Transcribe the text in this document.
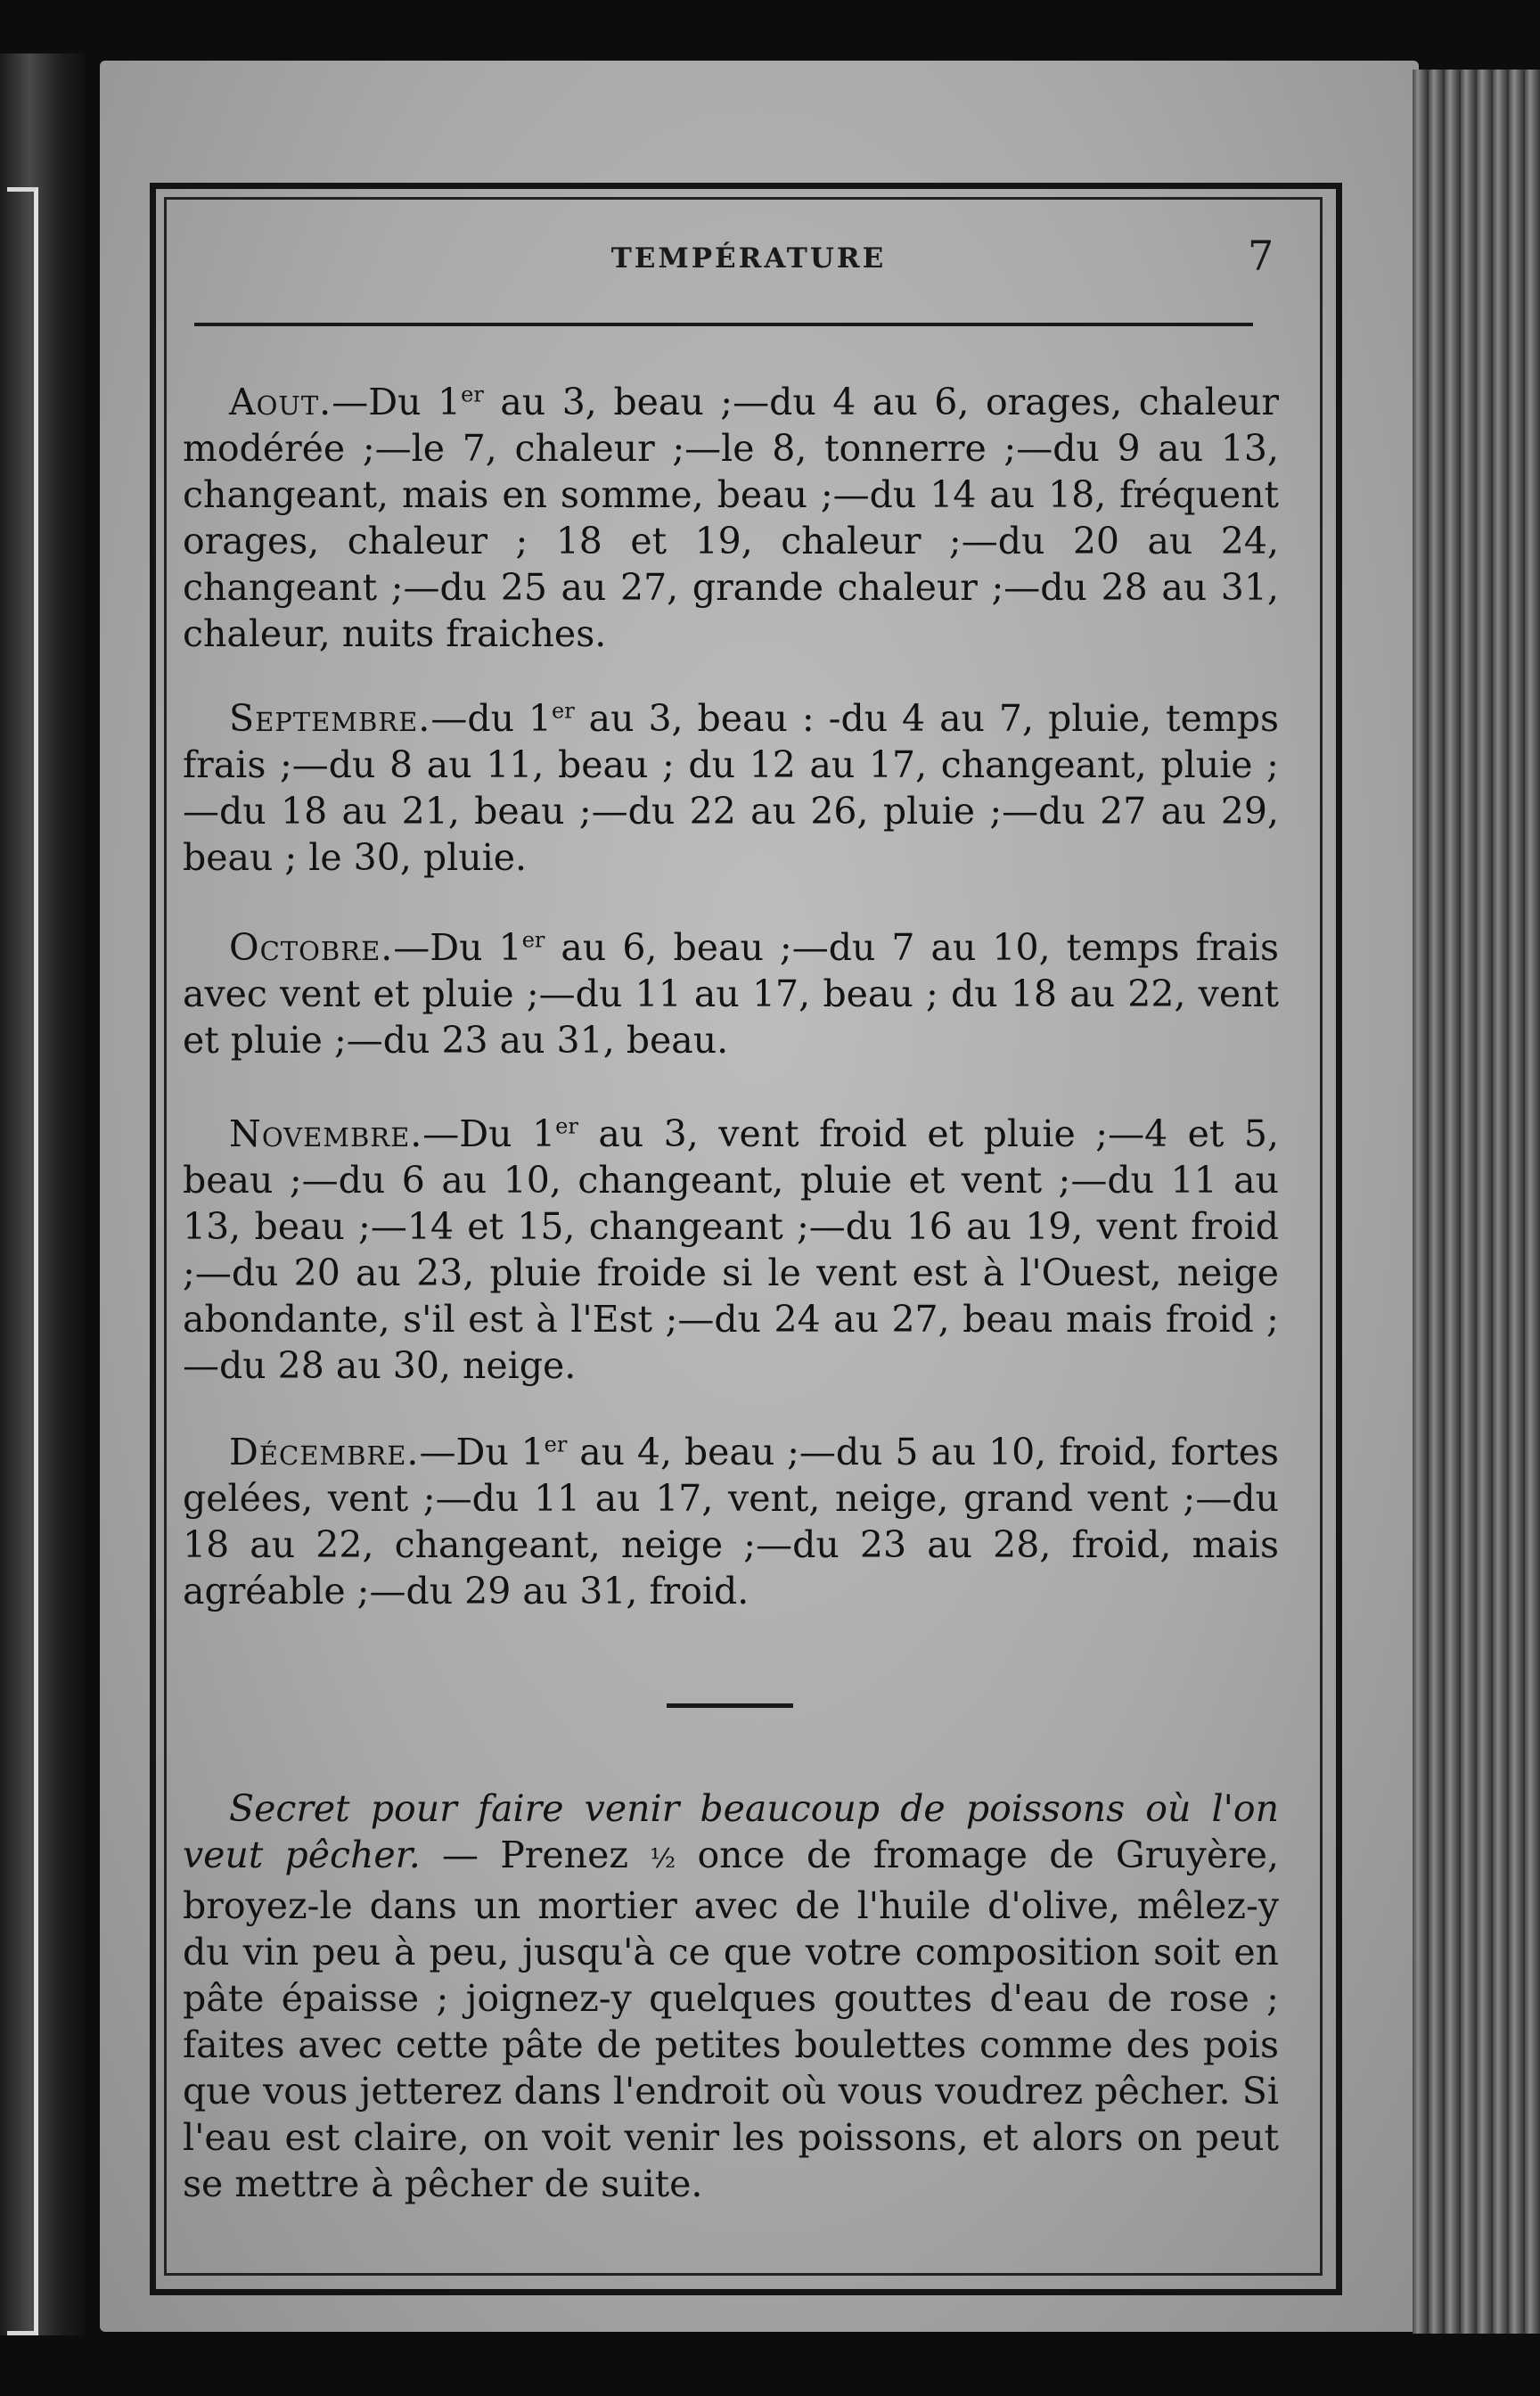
TEMPÉRATURE	7

Aout.—Du 1er au 3, beau ;—du 4 au 6, orages, chaleur modérée ;—le 7, chaleur ;—le 8, tonnerre ;—du 9 au 13, changeant, mais en somme, beau ;—du 14 au 18, fréquent orages, chaleur ; 18 et 19, chaleur ;—du 20 au 24, changeant ;—du 25 au 27, grande chaleur ;—du 28 au 31, chaleur, nuits fraiches.

Septembre.—du 1er au 3, beau : -du 4 au 7, pluie, temps frais ;—du 8 au 11, beau ; du 12 au 17, changeant, pluie ;—du 18 au 21, beau ;—du 22 au 26, pluie ;—du 27 au 29, beau ; le 30, pluie.

Octobre.—Du 1er au 6, beau ;—du 7 au 10, temps frais avec vent et pluie ;—du 11 au 17, beau ; du 18 au 22, vent et pluie ;—du 23 au 31, beau.

Novembre.—Du 1er au 3, vent froid et pluie ;—4 et 5, beau ;—du 6 au 10, changeant, pluie et vent ;—du 11 au 13, beau ;—14 et 15, changeant ;—du 16 au 19, vent froid ;—du 20 au 23, pluie froide si le vent est à l'Ouest, neige abondante, s'il est à l'Est ;—du 24 au 27, beau mais froid ;—du 28 au 30, neige.

Décembre.—Du 1er au 4, beau ;—du 5 au 10, froid, fortes gelées, vent ;—du 11 au 17, vent, neige, grand vent ;—du 18 au 22, changeant, neige ;—du 23 au 28, froid, mais agréable ;—du 29 au 31, froid.

Secret pour faire venir beaucoup de poissons où l'on veut pêcher. — Prenez ½ once de fromage de Gruyère, broyez-le dans un mortier avec de l'huile d'olive, mêlez-y du vin peu à peu, jusqu'à ce que votre composition soit en pâte épaisse ; joignez-y quelques gouttes d'eau de rose ; faites avec cette pâte de petites boulettes comme des pois que vous jetterez dans l'endroit où vous voudrez pêcher. Si l'eau est claire, on voit venir les poissons, et alors on peut se mettre à pêcher de suite.
